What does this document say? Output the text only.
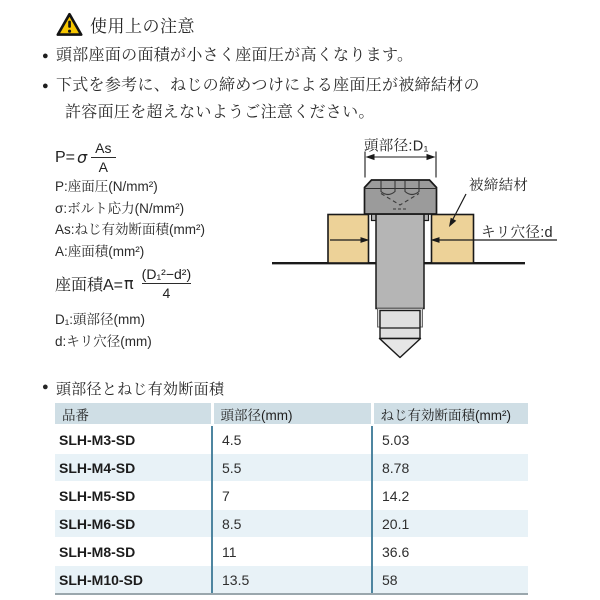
使用上の注意
● 頭部座面の面積が小さく座面圧が高くなります。
● 下式を参考に、ねじの締めつけによる座面圧が被締結材の
許容面圧を超えないようご注意ください。
P= σ $\frac{As}{A}$
P:座面圧(N/mm²)
σ:ボルト応力(N/mm²)
As:ねじ有効断面積(mm²)
A:座面積(mm²)
座面積A= π $\frac{\text{(D₁²−d²)}}{4}$
D₁:頭部径(mm)
d:キリ穴径(mm)
頭部径:D₁
被締結材
キリ穴径:d
● 頭部径とねじ有効断面積
品番	頭部径(mm)	ねじ有効断面積(mm²)
SLH-M3-SD	4.5	5.03
SLH-M4-SD	5.5	8.78
SLH-M5-SD	7	14.2
SLH-M6-SD	8.5	20.1
SLH-M8-SD	11	36.6
SLH-M10-SD	13.5	58
